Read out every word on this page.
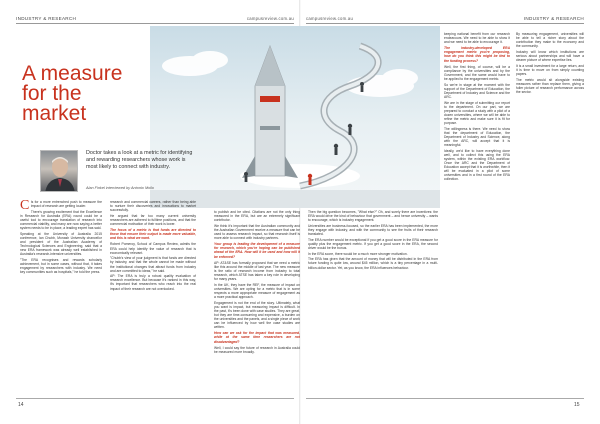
INDUSTRY & RESEARCH	campusreview.com.au	campusreview.com.au	INDUSTRY & RESEARCH
A measure for the market

Doctor takes a look at a metric for identifying and rewarding researchers whose work is most likely to connect with industry.

Alan Finkel interviewed by Antonio Mollo

Cls for a more entrenched push to measure the impact of research are getting louder.

There's growing excitement that the Excellence in Research for Australia (ERA) round could be a useful tool to encourage translation of research into commercial viability, and many are now saying a better system needs to be in place, a leading expert has said.

Speaking at the University of Australia 2015 conference, Ian Chubb, Monash University chancellor and president of the Australian Academy of Technological Sciences and Engineering, said that a new ERA framework was already well established in Australia's research-intensive universities.

"The ERA recognises and rewards scholarly achievement, but in some cases, without that, it takes engagement by researchers with industry. We need key communities such as hospitals," he told the press.

research and commercial careers, rather than being able to nurture their discoveries and innovations to market successfully.

He argued that far too many current university researchers are adhered to fulltime positions, and that the commercial motivation of their work is lower.

The focus of a metric is that funds are directed to those that ensure their output is made more valuable, and this is what we want.

Robert Pomeroy, School of Campus Review, admits the ERA could help identify the value of research that is economically relevant.

"Chubb's view of your judgment is that funds are directed by industry, and that the whole cannot be made without the institutional changes that attract funds from industry and are committed to ideas," he said.

AP: The ERA is truly a robust quality evaluation of research excellence. But because it's ranked in this way, it's important that researchers who reach into the real impact of their research are not overlooked.

to publish and be cited. Citations are not the only thing measured in the ERA, but are an extremely significant contributor.

We think it's important that the Australian community and the Australian Government receive a measure that can be used to assess research impact, so that research itself is more able to connect with industry partners.

Your group is leading the development of a measure for research, which you're hoping can be published ahead of the ERA. How will it be used and how will it be enforced?

AP: AT&SE has formally proposed that we need a metric like this around the middle of last year. The new measure is the ratio of research income from industry to total research, which ATSE has taken a key role in developing for many years.

In the UK, they have the REF, the measure of impact on universities. We are opting for a metric that is in some respects a more appropriate measure of engagement as a more practical approach.

Engagement is not the end of the story. Ultimately, what you want is impact, but measuring impact is difficult. In the past, it's been done with case studies. They are great, but they are time-consuming and expensive, a burden on the universities and the panels, and a single piece of work can be influenced by how well the case studies are written.

How can we ask for the impact that was measured, while at the same time researchers are not disadvantaged?

Well, I could say the future of research in Australia could be measured more broadly.

keeping national benefit from our research endeavours. We need to be able to show it and we need to be able to encourage it.

The industry-developed ERA engagement metric you're proposing, how do you think this might be tied to the funding process?

Well, the first thing, of course, will be a compliance by the universities and by the Government, and the same would have to be applied to the engagement metric.

So we're in stage at the moment with the support of the Department of Education, the Department of Industry and Science and the ARC.

We are in the stage of submitting our report to the department. On our part, we are prepared to conduct a study with a pilot of a dozen universities, where we will be able to refine the metric and make sure it is fit for purpose.

The willingness is there. We need to show that the department of Education, the Department of Industry and Science, along with the ARC, will accept that it is meaningful.

Ideally, we'd like to have everything done well, and to collect this using the ERA system, within the existing ERA workflow. Once the ARC and the Department of Education accept that it is worthwhile, then it will be evaluated in a pilot of some universities and in a first round of the ERA collection.

Then the big question becomes, "What else?" Oh, and surely there are incentives: the ERA would drive the kind of behaviour that government – and hence university – wants to encourage, which is industry engagement.

Universities are business-focused, so the earlier ERA has been implemented, the more they engage with industry, and with the community to see the fruits of their research translated.

The ERA number would be exceptional if you get a good score in the ERA measure for quality plus the engagement metric. If you get a good score in the ERA, the second driver would be the bonus.

In the ERA score, there would be a much more stronger motivation.

The ERA has given that the amount of money that will be distributed in the ERA from future funding is quite low, around $45 million, which is a tiny percentage in a multi-billion-dollar sector. Yet, as you know, the ERA influences behaviour.

By measuring engagement, universities will be able to tell a richer story about the contribution they make to the economy and the community.

Industry will know which institutions are serious about partnerships and will have a clearer picture of where expertise lies.

It is a small investment for a large return, and it is time to move on from simply counting papers.

The metric would sit alongside existing measures rather than replace them, giving a fuller picture of research performance across the sector.

14	15
